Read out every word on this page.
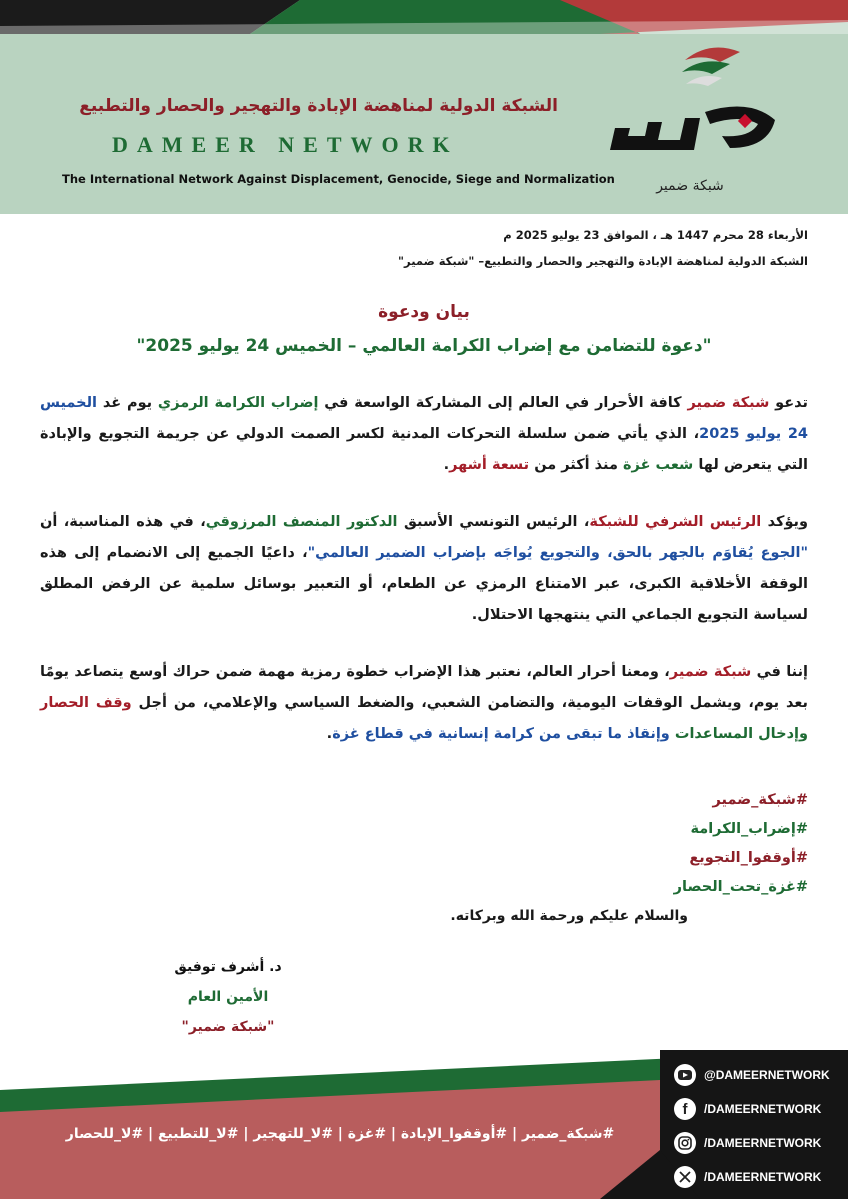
شبكة ضمير
الشبكة الدولية لمناهضة الإبادة والتهجير والحصار والتطبيع
DAMEER NETWORK
The International Network Against Displacement, Genocide, Siege and Normalization
الأربعاء 28 محرم 1447 هـ ، الموافق 23 يوليو 2025 م
الشبكة الدولية لمناهضة الإبادة والتهجير والحصار والتطبيع– "شبكة ضمير"
بيان ودعوة
"دعوة للتضامن مع إضراب الكرامة العالمي – الخميس 24 يوليو 2025"

تدعو شبكة ضمير كافة الأحرار في العالم إلى المشاركة الواسعة في إضراب الكرامة الرمزي يوم غد الخميس 24 يوليو 2025، الذي يأتي ضمن سلسلة التحركات المدنية لكسر الصمت الدولي عن جريمة التجويع والإبادة التي يتعرض لها شعب غزة منذ أكثر من تسعة أشهر.

ويؤكد الرئيس الشرفي للشبكة، الرئيس التونسي الأسبق الدكتور المنصف المرزوقي، في هذه المناسبة، أن "الجوع يُقاوَم بالجهر بالحق، والتجويع يُواجَه بإضراب الضمير العالمي"، داعيًا الجميع إلى الانضمام إلى هذه الوقفة الأخلاقية الكبرى، عبر الامتناع الرمزي عن الطعام، أو التعبير بوسائل سلمية عن الرفض المطلق لسياسة التجويع الجماعي التي ينتهجها الاحتلال.

إننا في شبكة ضمير، ومعنا أحرار العالم، نعتبر هذا الإضراب خطوة رمزية مهمة ضمن حراك أوسع يتصاعد يومًا بعد يوم، ويشمل الوقفات اليومية، والتضامن الشعبي، والضغط السياسي والإعلامي، من أجل وقف الحصار وإدخال المساعدات وإنقاذ ما تبقى من كرامة إنسانية في قطاع غزة.

#شبكة_ضمير
#إضراب_الكرامة
#أوقفوا_التجويع
#غزة_تحت_الحصار
والسلام عليكم ورحمة الله وبركاته.
د. أشرف توفيق
الأمين العام
"شبكة ضمير"
#شبكة_ضمير | #أوقفوا_الإبادة | #غزة | #لا_للتهجير | #لا_للتطبيع | #لا_للحصار
@DAMEERNETWORK
f /DAMEERNETWORK
/DAMEERNETWORK
/DAMEERNETWORK
